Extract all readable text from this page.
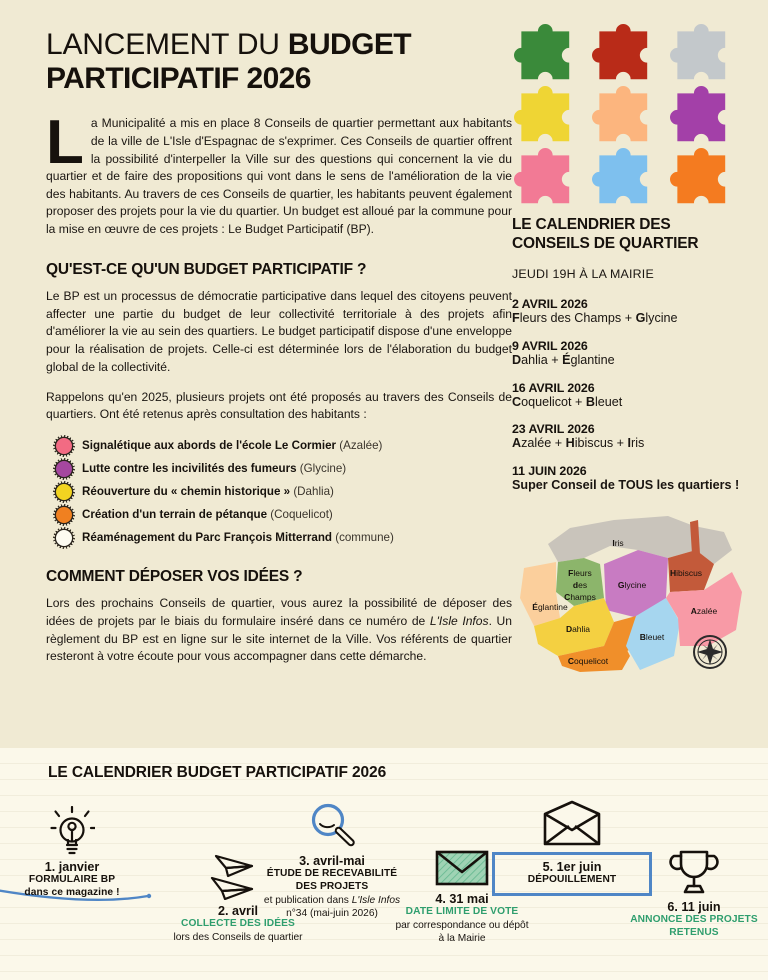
LANCEMENT DU BUDGET
PARTICIPATIF 2026

La Municipalité a mis en place 8 Conseils de quartier permettant aux habitants de la ville de L'Isle d'Espagnac de s'exprimer. Ces Conseils de quartier offrent la possibilité d'interpeller la Ville sur des questions qui concernent la vie du quartier et de faire des propositions qui vont dans le sens de l'amélioration de la vie des habitants. Au travers de ces Conseils de quartier, les habitants peuvent également proposer des projets pour la vie du quartier. Un budget est alloué par la commune pour la mise en œuvre de ces projets : Le Budget Participatif (BP).

QU'EST-CE QU'UN BUDGET PARTICIPATIF ?

Le BP est un processus de démocratie participative dans lequel des citoyens peuvent affecter une partie du budget de leur collectivité territoriale à des projets afin d'améliorer la vie au sein des quartiers. Le budget participatif dispose d'une enveloppe pour la réalisation de projets. Celle-ci est déterminée lors de l'élaboration du budget global de la collectivité.

Rappelons qu'en 2025, plusieurs projets ont été proposés au travers des Conseils de quartiers. Ont été retenus après consultation des habitants :

Signalétique aux abords de l'école Le Cormier (Azalée)
Lutte contre les incivilités des fumeurs (Glycine)
Réouverture du « chemin historique » (Dahlia)
Création d'un terrain de pétanque (Coquelicot)
Réaménagement du Parc François Mitterrand (commune)
COMMENT DÉPOSER VOS IDÉES ?

Lors des prochains Conseils de quartier, vous aurez la possibilité de déposer des idées de projets par le biais du formulaire inséré dans ce numéro de L'Isle Infos. Un règlement du BP est en ligne sur le site internet de la Ville. Vos référents de quartier resteront à votre écoute pour vous accompagner dans cette démarche.

LE CALENDRIER DES
CONSEILS DE QUARTIER
JEUDI 19H À LA MAIRIE
2 AVRIL 2026
Fleurs des Champs + Glycine
9 AVRIL 2026
Dahlia + Églantine
16 AVRIL 2026
Coquelicot + Bleuet
23 AVRIL 2026
Azalée + Hibiscus + Iris
11 JUIN 2026
Super Conseil de TOUS les quartiers !
Iris
Fleurs
des
Champs
Hibiscus
Glycine
Églantine
Dahlia
Coquelicot
Azalée
Bleuet
LE CALENDRIER BUDGET PARTICIPATIF 2026
1. janvier
FORMULAIRE BP
dans ce magazine !
2. avril
COLLECTE DES IDÉES
lors des Conseils de quartier
3. avril-mai
ÉTUDE DE RECEVABILITÉ DES PROJETS
et publication dans L'Isle Infos n°34 (mai-juin 2026)
4. 31 mai
DATE LIMITE DE VOTE
par correspondance ou dépôt à la Mairie
5. 1er juin
DÉPOUILLEMENT
6. 11 juin
ANNONCE DES PROJETS RETENUS
